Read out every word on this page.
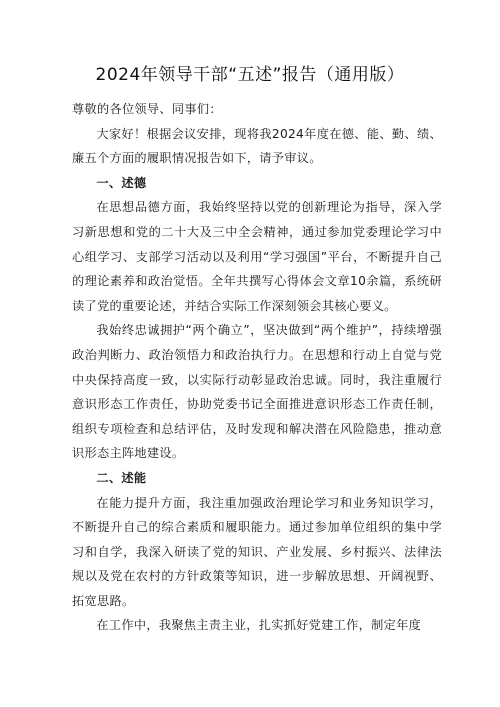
2024年领导干部“五述”报告（通用版）

尊敬的各位领导、同事们：

大家好！根据会议安排，现将我2024年度在德、能、勤、绩、廉五个方面的履职情况报告如下，请予审议。

一、述德

在思想品德方面，我始终坚持以党的创新理论为指导，深入学习新思想和党的二十大及三中全会精神，通过参加党委理论学习中心组学习、支部学习活动以及利用“学习强国”平台，不断提升自己的理论素养和政治觉悟。全年共撰写心得体会文章10余篇，系统研读了党的重要论述，并结合实际工作深刻领会其核心要义。

我始终忠诚拥护“两个确立”，坚决做到“两个维护”，持续增强政治判断力、政治领悟力和政治执行力。在思想和行动上自觉与党中央保持高度一致，以实际行动彰显政治忠诚。同时，我注重履行意识形态工作责任，协助党委书记全面推进意识形态工作责任制，组织专项检查和总结评估，及时发现和解决潜在风险隐患，推动意识形态主阵地建设。

二、述能

在能力提升方面，我注重加强政治理论学习和业务知识学习，不断提升自己的综合素质和履职能力。通过参加单位组织的集中学习和自学，我深入研读了党的知识、产业发展、乡村振兴、法律法规以及党在农村的方针政策等知识，进一步解放思想、开阔视野、拓宽思路。

在工作中，我聚焦主责主业，扎实抓好党建工作，制定年度
